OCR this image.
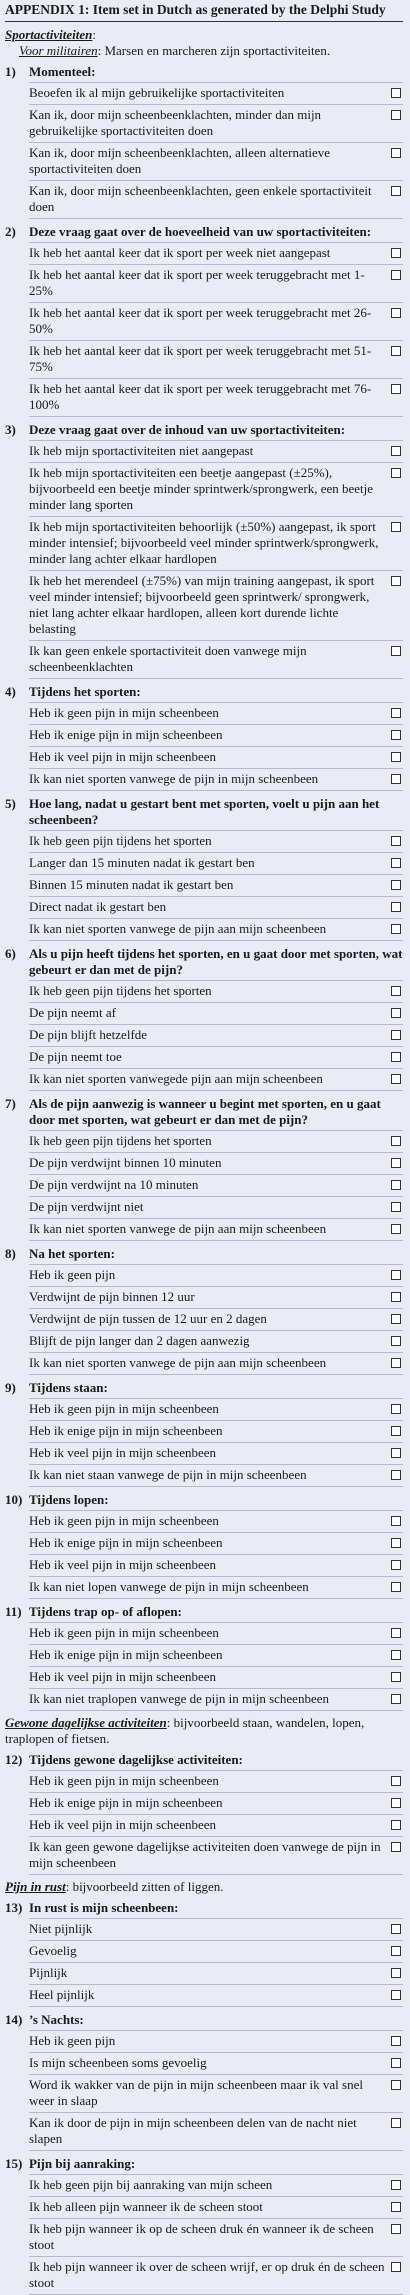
APPENDIX 1: Item set in Dutch as generated by the Delphi Study
Sportactiviteiten:
Voor militairen: Marsen en marcheren zijn sportactiviteiten.
1)	Momenteel:
Beoefen ik al mijn gebruikelijke sportactiviteiten
Kan ik, door mijn scheenbeenklachten, minder dan mijn gebruikelijke sportactiviteiten doen
Kan ik, door mijn scheenbeenklachten, alleen alternatieve sportactiviteiten doen
Kan ik, door mijn scheenbeenklachten, geen enkele sportactiviteit doen
2)	Deze vraag gaat over de hoeveelheid van uw sportactiviteiten:
Ik heb het aantal keer dat ik sport per week niet aangepast
Ik heb het aantal keer dat ik sport per week teruggebracht met 1-25%
Ik heb het aantal keer dat ik sport per week teruggebracht met 26-50%
Ik heb het aantal keer dat ik sport per week teruggebracht met 51-75%
Ik heb het aantal keer dat ik sport per week teruggebracht met 76-100%
3)	Deze vraag gaat over de inhoud van uw sportactiviteiten:
Ik heb mijn sportactiviteiten niet aangepast
Ik heb mijn sportactiviteiten een beetje aangepast (±25%), bijvoorbeeld een beetje minder sprintwerk/sprongwerk, een beetje minder lang sporten
Ik heb mijn sportactiviteiten behoorlijk (±50%) aangepast, ik sport minder intensief; bijvoorbeeld veel minder sprintwerk/sprongwerk, minder lang achter elkaar hardlopen
Ik heb het merendeel (±75%) van mijn training aangepast, ik sport veel minder intensief; bijvoorbeeld geen sprintwerk/ sprongwerk, niet lang achter elkaar hardlopen, alleen kort durende lichte belasting
Ik kan geen enkele sportactiviteit doen vanwege mijn scheenbeenklachten
4)	Tijdens het sporten:
Heb ik geen pijn in mijn scheenbeen
Heb ik enige pijn in mijn scheenbeen
Heb ik veel pijn in mijn scheenbeen
Ik kan niet sporten vanwege de pijn in mijn scheenbeen
5)	Hoe lang, nadat u gestart bent met sporten, voelt u pijn aan het scheenbeen?
Ik heb geen pijn tijdens het sporten
Langer dan 15 minuten nadat ik gestart ben
Binnen 15 minuten nadat ik gestart ben
Direct nadat ik gestart ben
Ik kan niet sporten vanwege de pijn aan mijn scheenbeen
6)	Als u pijn heeft tijdens het sporten, en u gaat door met sporten, wat gebeurt er dan met de pijn?
Ik heb geen pijn tijdens het sporten
De pijn neemt af
De pijn blijft hetzelfde
De pijn neemt toe
Ik kan niet sporten vanwegede pijn aan mijn scheenbeen
7)	Als de pijn aanwezig is wanneer u begint met sporten, en u gaat door met sporten, wat gebeurt er dan met de pijn?
Ik heb geen pijn tijdens het sporten
De pijn verdwijnt binnen 10 minuten
De pijn verdwijnt na 10 minuten
De pijn verdwijnt niet
Ik kan niet sporten vanwege de pijn aan mijn scheenbeen
8)	Na het sporten:
Heb ik geen pijn
Verdwijnt de pijn binnen 12 uur
Verdwijnt de pijn tussen de 12 uur en 2 dagen
Blijft de pijn langer dan 2 dagen aanwezig
Ik kan niet sporten vanwege de pijn aan mijn scheenbeen
9)	Tijdens staan:
Heb ik geen pijn in mijn scheenbeen
Heb ik enige pijn in mijn scheenbeen
Heb ik veel pijn in mijn scheenbeen
Ik kan niet staan vanwege de pijn in mijn scheenbeen
10) Tijdens lopen:
Heb ik geen pijn in mijn scheenbeen
Heb ik enige pijn in mijn scheenbeen
Heb ik veel pijn in mijn scheenbeen
Ik kan niet lopen vanwege de pijn in mijn scheenbeen
11) Tijdens trap op- of aflopen:
Heb ik geen pijn in mijn scheenbeen
Heb ik enige pijn in mijn scheenbeen
Heb ik veel pijn in mijn scheenbeen
Ik kan niet traplopen vanwege de pijn in mijn scheenbeen
Gewone dagelijkse activiteiten: bijvoorbeeld staan, wandelen, lopen, traplopen of fietsen.
12) Tijdens gewone dagelijkse activiteiten:
Heb ik geen pijn in mijn scheenbeen
Heb ik enige pijn in mijn scheenbeen
Heb ik veel pijn in mijn scheenbeen
Ik kan geen gewone dagelijkse activiteiten doen vanwege de pijn in mijn scheenbeen
Pijn in rust: bijvoorbeeld zitten of liggen.
13) In rust is mijn scheenbeen:
Niet pijnlijk
Gevoelig
Pijnlijk
Heel pijnlijk
14) ’s Nachts:
Heb ik geen pijn
Is mijn scheenbeen soms gevoelig
Word ik wakker van de pijn in mijn scheenbeen maar ik val snel weer in slaap
Kan ik door de pijn in mijn scheenbeen delen van de nacht niet slapen
15) Pijn bij aanraking:
Ik heb geen pijn bij aanraking van mijn scheen
Ik heb alleen pijn wanneer ik de scheen stoot
Ik heb pijn wanneer ik op de scheen druk én wanneer ik de scheen stoot
Ik heb pijn wanneer ik over de scheen wrijf, er op druk én de scheen stoot
